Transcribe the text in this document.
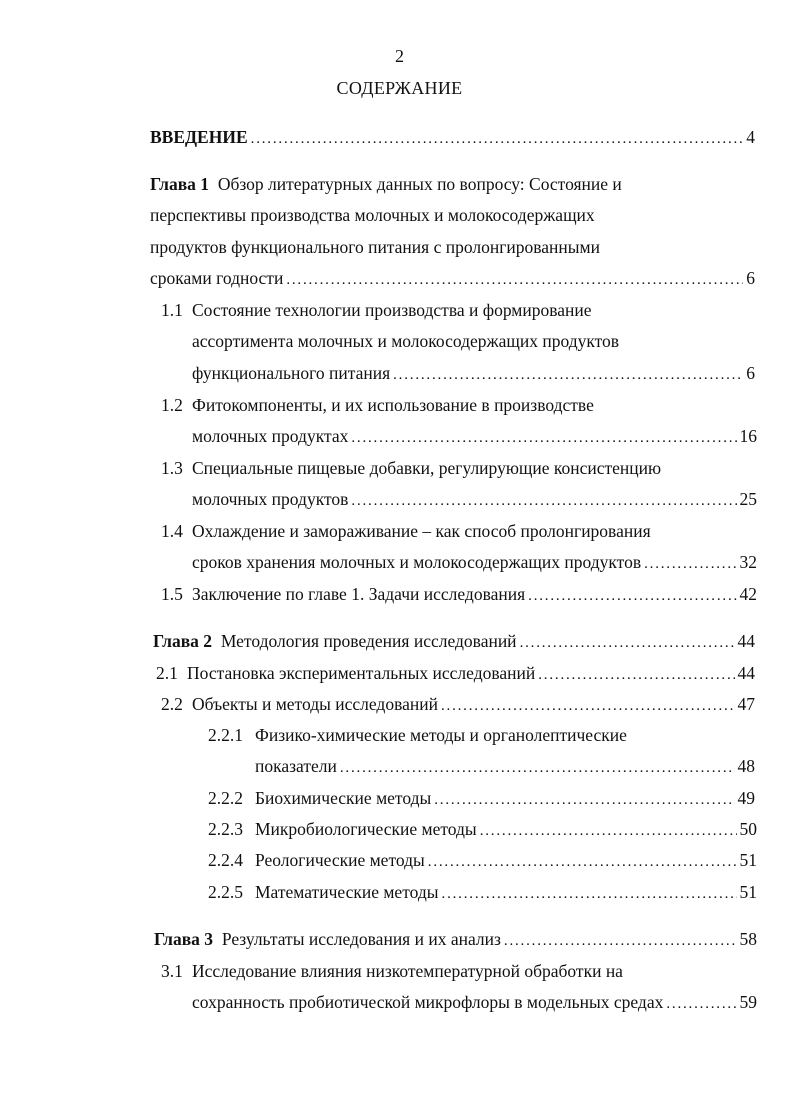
2
СОДЕРЖАНИЕ
ВВЕДЕНИЕ .....	4
Глава 1
Обзор литературных данных по вопросу: Состояние и
перспективы производства молочных и молокосодержащих
продуктов функционального питания с пролонгированными
сроками годности .....	6
1.1 Состояние технологии производства и формирование
ассортимента молочных и молокосодержащих продуктов
функционального питания .....	6
1.2 Фитокомпоненты, и их использование в производстве
молочных продуктах .....	16
1.3 Специальные пищевые добавки, регулирующие консистенцию
молочных продуктов .....	25
1.4 Охлаждение и замораживание – как способ пролонгирования
сроков хранения молочных и молокосодержащих продуктов .....	32
1.5 Заключение по главе 1. Задачи исследования .....	42
Глава 2
Методология проведения исследований .....	44
2.1 Постановка экспериментальных исследований .....	44
2.2 Объекты и методы исследований .....	47
2.2.1 Физико-химические методы и органолептические
показатели .....	48
2.2.2 Биохимические методы .....	49
2.2.3 Микробиологические методы .....	50
2.2.4 Реологические методы .....	51
2.2.5 Математические методы .....	51
Глава 3
Результаты исследования и их анализ .....	58
3.1 Исследование влияния низкотемпературной обработки на
сохранность пробиотической микрофлоры в модельных средах .....	59
